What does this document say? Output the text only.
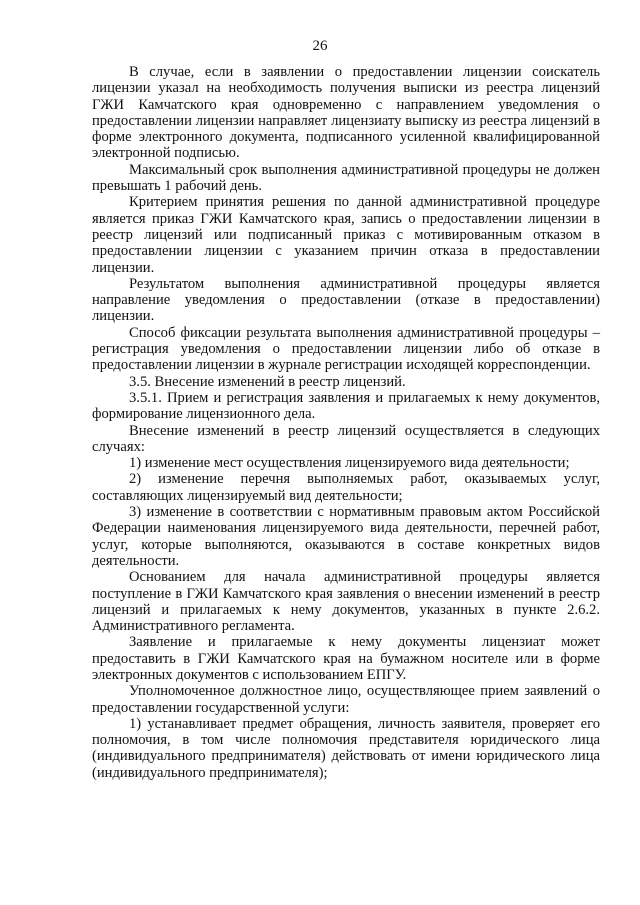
26

В случае, если в заявлении о предоставлении лицензии соискатель лицензии указал на необходимость получения выписки из реестра лицензий ГЖИ Камчатского края одновременно с направлением уведомления о предоставлении лицензии направляет лицензиату выписку из реестра лицензий в форме электронного документа, подписанного усиленной квалифицированной электронной подписью.

Максимальный срок выполнения административной процедуры не должен превышать 1 рабочий день.

Критерием принятия решения по данной административной процедуре является приказ ГЖИ Камчатского края, запись о предоставлении лицензии в реестр лицензий или подписанный приказ с мотивированным отказом в предоставлении лицензии с указанием причин отказа в предоставлении лицензии.

Результатом выполнения административной процедуры является направление уведомления о предоставлении (отказе в предоставлении) лицензии.

Способ фиксации результата выполнения административной процедуры – регистрация уведомления о предоставлении лицензии либо об отказе в предоставлении лицензии в журнале регистрации исходящей корреспонденции.

3.5. Внесение изменений в реестр лицензий.

3.5.1. Прием и регистрация заявления и прилагаемых к нему документов, формирование лицензионного дела.

Внесение изменений в реестр лицензий осуществляется в следующих случаях:

1) изменение мест осуществления лицензируемого вида деятельности;

2) изменение перечня выполняемых работ, оказываемых услуг, составляющих лицензируемый вид деятельности;

3) изменение в соответствии с нормативным правовым актом Российской Федерации наименования лицензируемого вида деятельности, перечней работ, услуг, которые выполняются, оказываются в составе конкретных видов деятельности.

Основанием для начала административной процедуры является поступление в ГЖИ Камчатского края заявления о внесении изменений в реестр лицензий и прилагаемых к нему документов, указанных в пункте 2.6.2. Административного регламента.

Заявление и прилагаемые к нему документы лицензиат может предоставить в ГЖИ Камчатского края на бумажном носителе или в форме электронных документов с использованием ЕПГУ.

Уполномоченное должностное лицо, осуществляющее прием заявлений о предоставлении государственной услуги:

1) устанавливает предмет обращения, личность заявителя, проверяет его полномочия, в том числе полномочия представителя юридического лица (индивидуального предпринимателя) действовать от имени юридического лица (индивидуального предпринимателя);
